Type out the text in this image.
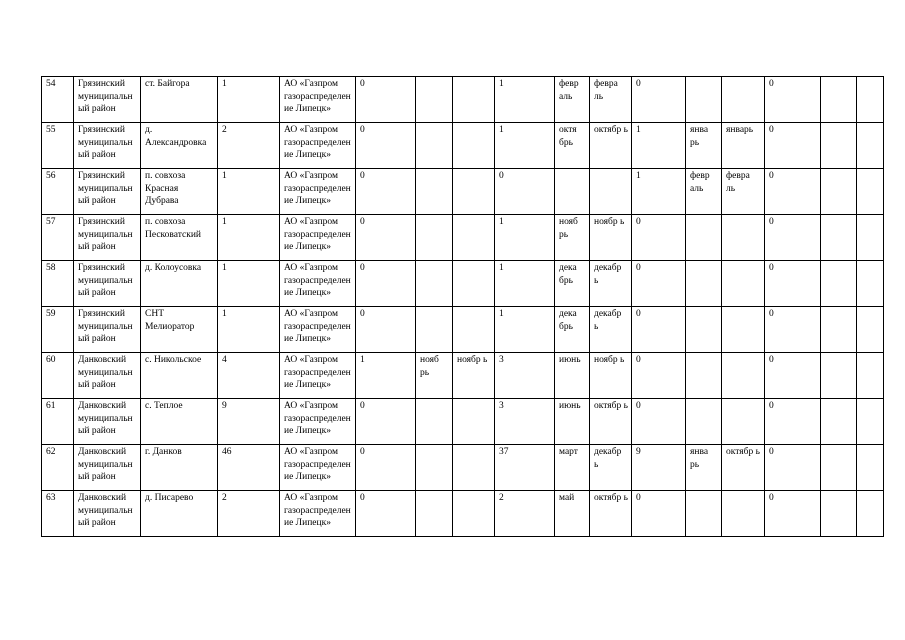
54	Грязинский муниципальный район	ст. Байгора	1	АО «Газпром газораспределение Липецк»	0			1	февр аль	февра ль	0			0		
55	Грязинский муниципальный район	д. Александровка	2	АО «Газпром газораспределение Липецк»	0			1	октя брь	октябр ь	1	янва рь	январь	0		
56	Грязинский муниципальный район	п. совхоза Красная Дубрава	1	АО «Газпром газораспределение Липецк»	0			0			1	февр аль	февра ль	0		
57	Грязинский муниципальный район	п. совхоза Песковатский	1	АО «Газпром газораспределение Липецк»	0			1	нояб рь	ноябр ь	0			0		
58	Грязинский муниципальный район	д. Колоусовка	1	АО «Газпром газораспределение Липецк»	0			1	дека брь	декабр ь	0			0		
59	Грязинский муниципальный район	СНТ Мелиоратор	1	АО «Газпром газораспределение Липецк»	0			1	дека брь	декабр ь	0			0		
60	Данковский муниципальный район	с. Никольское	4	АО «Газпром газораспределение Липецк»	1	нояб рь	ноябр ь	3	июнь	ноябр ь	0			0		
61	Данковский муниципальный район	с. Теплое	9	АО «Газпром газораспределение Липецк»	0			3	июнь	октябр ь	0			0		
62	Данковский муниципальный район	г. Данков	46	АО «Газпром газораспределение Липецк»	0			37	март	декабр ь	9	янва рь	октябр ь	0		
63	Данковский муниципальный район	д. Писарево	2	АО «Газпром газораспределение Липецк»	0			2	май	октябр ь	0			0		
